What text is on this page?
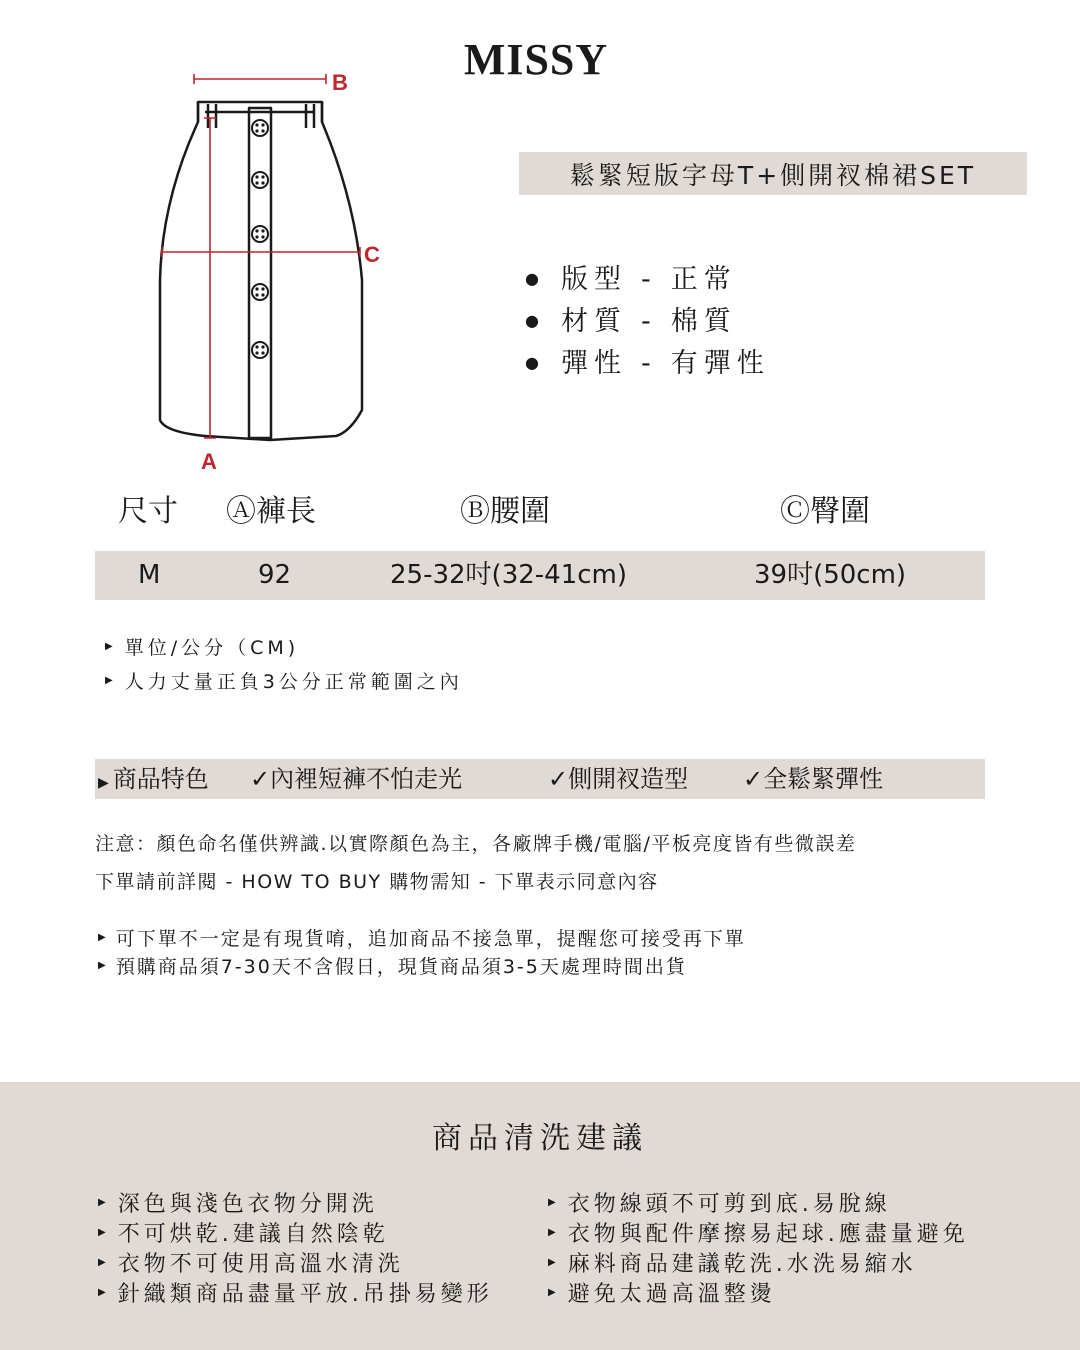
MISSY
B
C
A
鬆緊短版字母T+側開衩棉裙SET
● 版型 - 正常
● 材質 - 棉質
● 彈性 - 有彈性
尺寸 Ⓐ褲長	Ⓑ腰圍	Ⓒ臀圍
M	92	25-32吋(32-41cm)	39吋(50cm)
▶ 單位/公分（CM)
▶ 人力丈量正負3公分正常範圍之內
▶ 商品特色 ✓內裡短褲不怕走光	✓側開衩造型 ✓全鬆緊彈性
注意：顏色命名僅供辨識.以實際顏色為主，各廠牌手機/電腦/平板亮度皆有些微誤差
下單請前詳閱 - HOW TO BUY 購物需知 - 下單表示同意內容
▶ 可下單不一定是有現貨唷，追加商品不接急單，提醒您可接受再下單
▶ 預購商品須7-30天不含假日，現貨商品須3-5天處理時間出貨
商品清洗建議
▶ 深色與淺色衣物分開洗
▶ 不可烘乾.建議自然陰乾
▶ 衣物不可使用高溫水清洗
▶ 針織類商品盡量平放.吊掛易變形
▶ 衣物線頭不可剪到底.易脫線
▶ 衣物與配件摩擦易起球.應盡量避免
▶ 麻料商品建議乾洗.水洗易縮水
▶ 避免太過高溫整燙
